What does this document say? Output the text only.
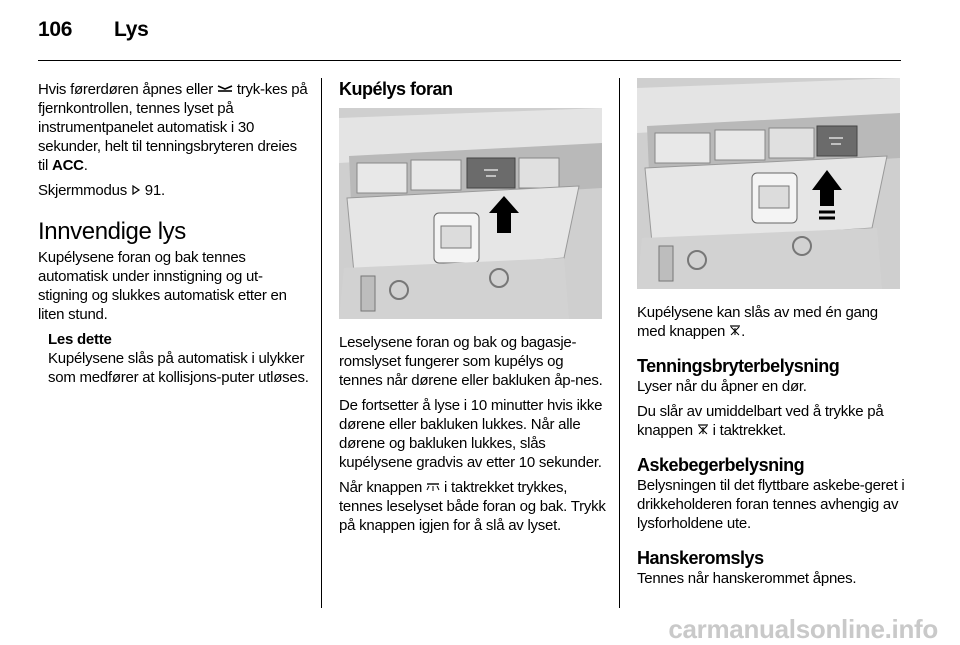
106 Lys

Hvis førerdøren åpnes eller tryk-kes på fjernkontrollen, tennes lyset på instrumentpanelet automatisk i 30 sekunder, helt til tenningsbryteren dreies til ACC.

Skjermmodus 91.

Innvendige lys

Kupélysene foran og bak tennes automatisk under innstigning og ut-stigning og slukkes automatisk etter en liten stund.

Les dette

Kupélysene slås på automatisk i ulykker som medfører at kollisjons-puter utløses.

Kupélys foran

Leselysene foran og bak og bagasje-romslyset fungerer som kupélys og tennes når dørene eller bakluken åp-nes.

De fortsetter å lyse i 10 minutter hvis ikke dørene eller bakluken lukkes. Når alle dørene og bakluken lukkes, slås kupélysene gradvis av etter 10 sekunder.

Når knappen i taktrekket trykkes, tennes leselyset både foran og bak. Trykk på knappen igjen for å slå av lyset.

Kupélysene kan slås av med én gang med knappen .

Tenningsbryterbelysning

Lyser når du åpner en dør.

Du slår av umiddelbart ved å trykke på knappen i taktrekket.

Askebegerbelysning

Belysningen til det flyttbare askebe-geret i drikkeholderen foran tennes avhengig av lysforholdene ute.

Hanskeromslys

Tennes når hanskerommet åpnes.

carmanualsonline.info
